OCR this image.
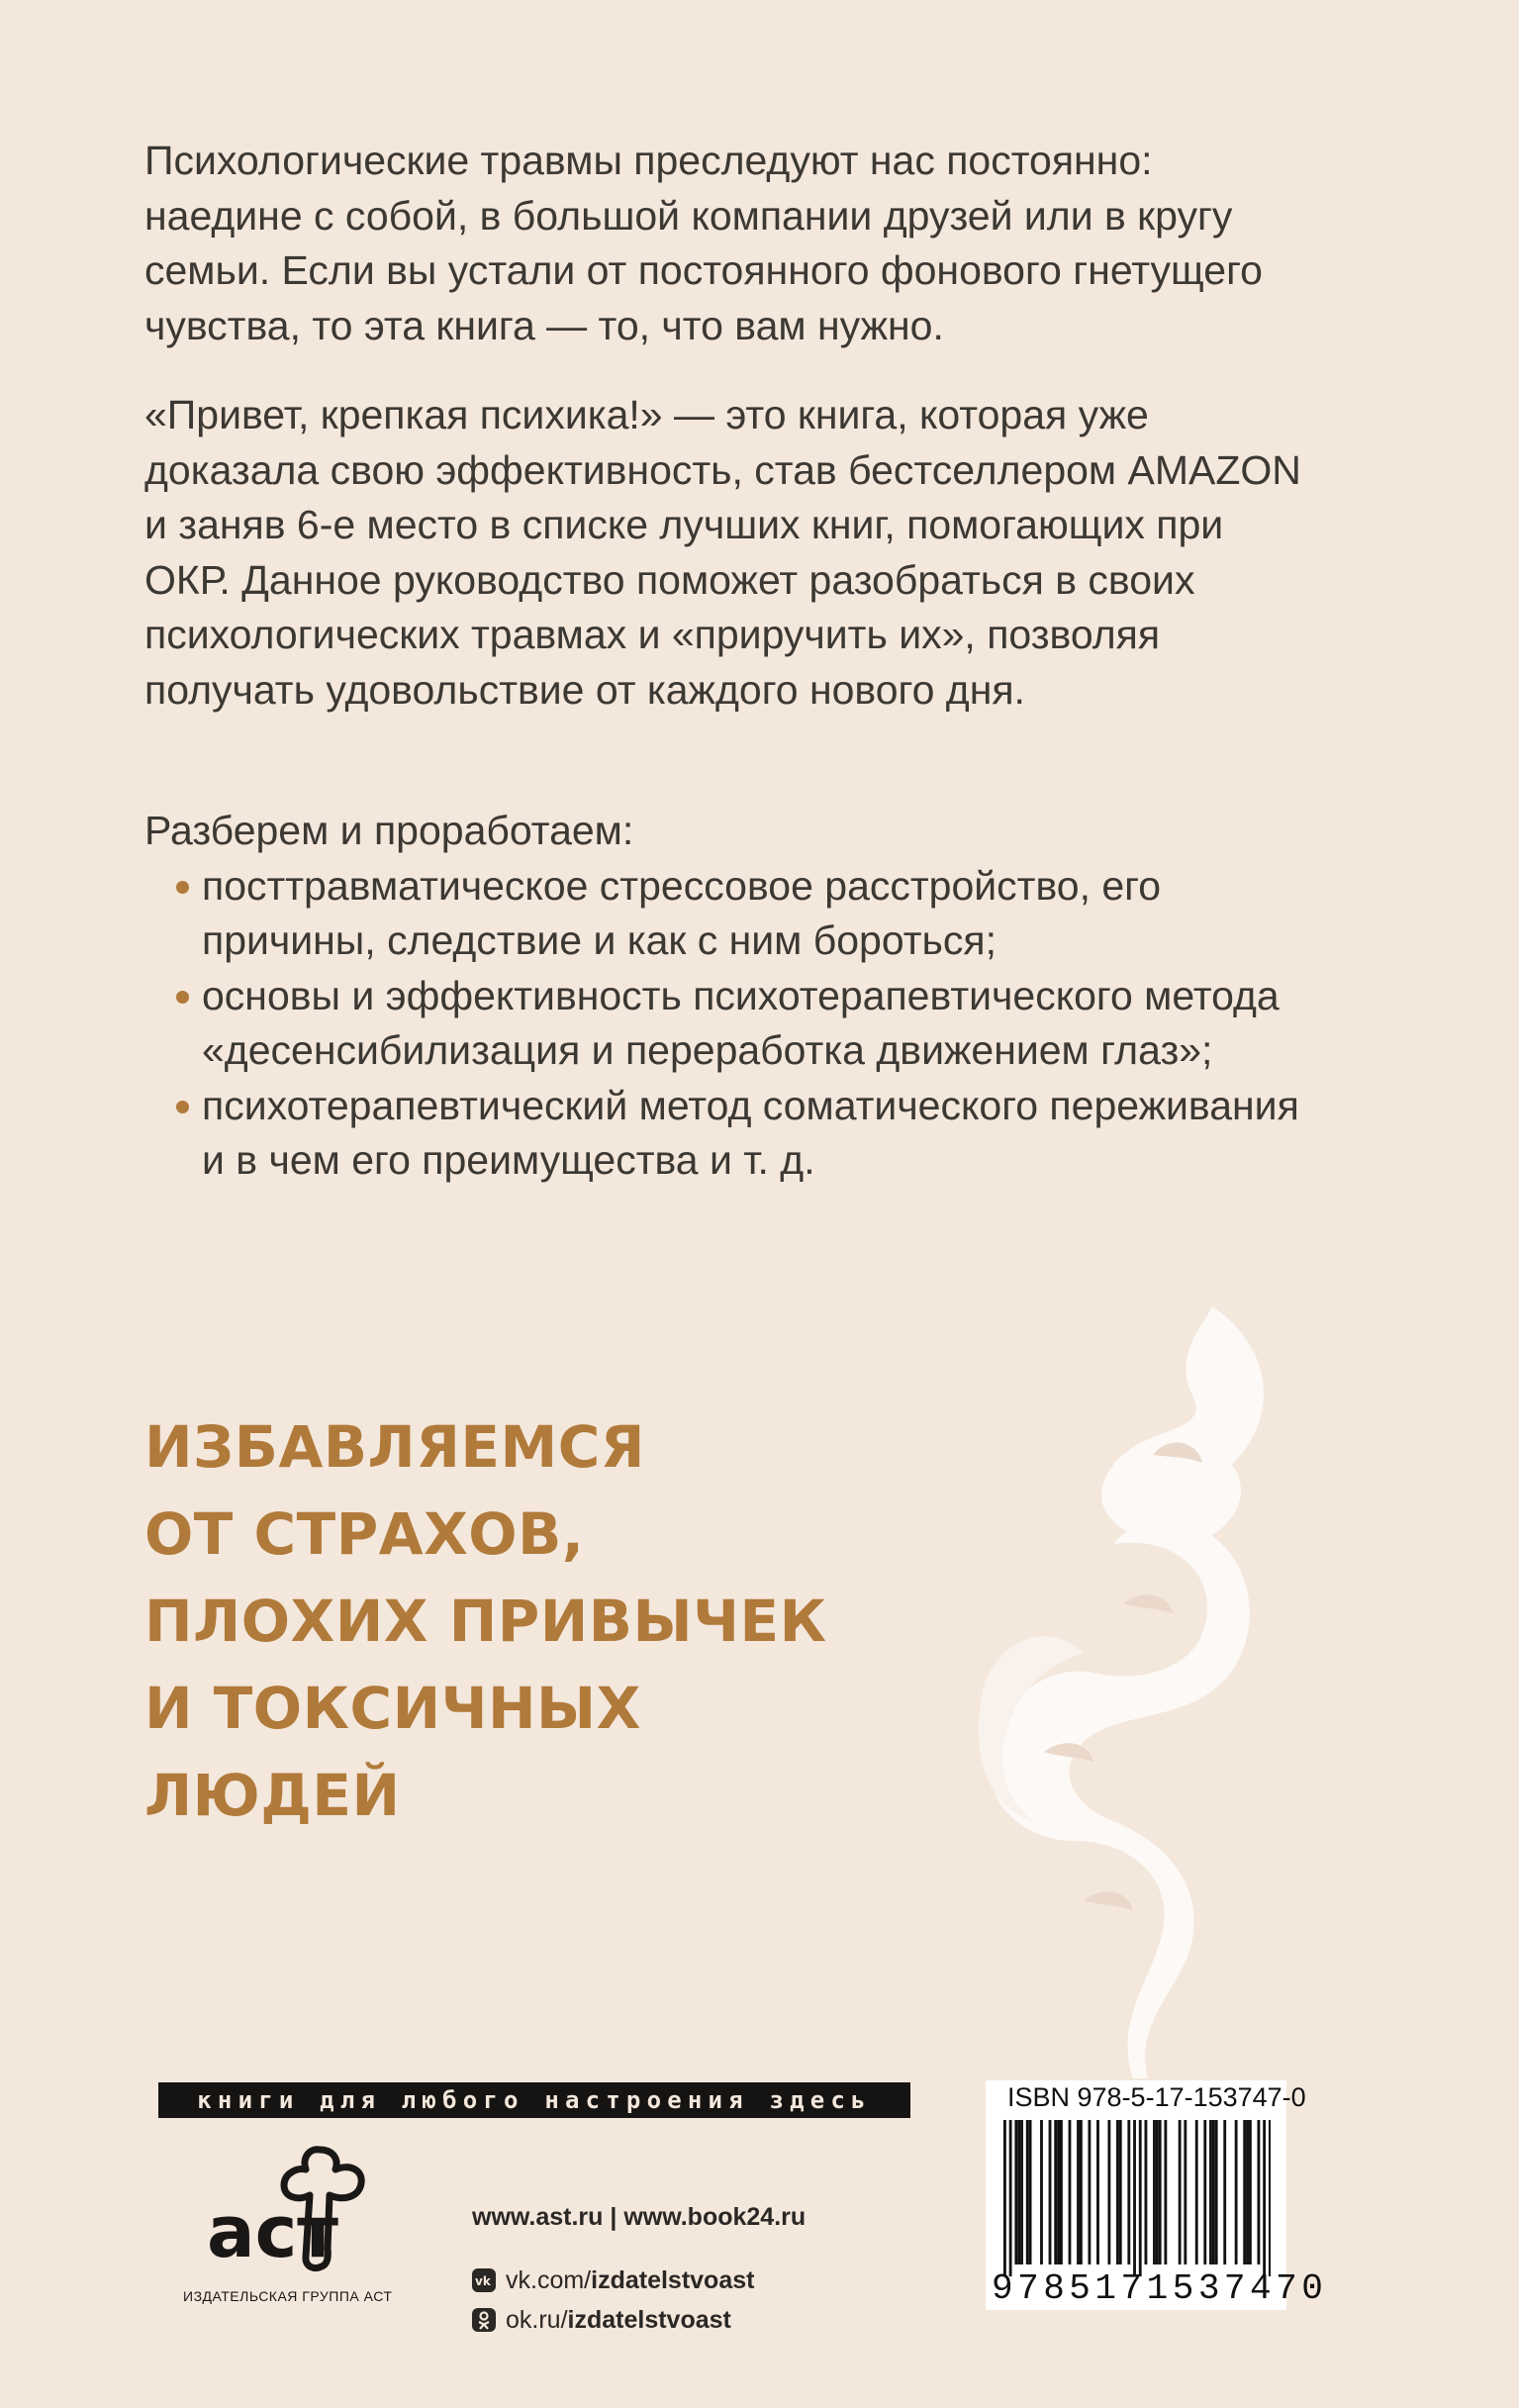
Психологические травмы преследуют нас постоянно: наедине с собой, в большой компании друзей или в кругу семьи. Если вы устали от постоянного фонового гнетущего чувства, то эта книга — то, что вам нужно.

«Привет, крепкая психика!» — это книга, которая уже доказала свою эффективность, став бестселлером AMAZON и заняв 6-е место в списке лучших книг, помогающих при ОКР. Данное руководство поможет разобраться в своих психологических травмах и «приручить их», позволяя получать удовольствие от каждого нового дня.

Разберем и проработаем:

посттравматическое стрессовое расстройство, его причины, следствие и как с ним бороться;
основы и эффективность психотерапевтического метода «десенсибилизация и переработка движением глаз»;
психотерапевтический метод соматического переживания и в чем его преимущества и т. д.
ИЗБАВЛЯЕМСЯ
ОТ СТРАХОВ,
ПЛОХИХ ПРИВЫЧЕК
И ТОКСИЧНЫХ
ЛЮДЕЙ
книги для любого настроения здесь
аст
ИЗДАТЕЛЬСКАЯ ГРУППА АСТ
www.ast.ru | www.book24.ru
vk vk.com/ izdatelstvoast
ok.ru/ izdatelstvoast
ISBN 978-5-17-153747-0
9785171537470
